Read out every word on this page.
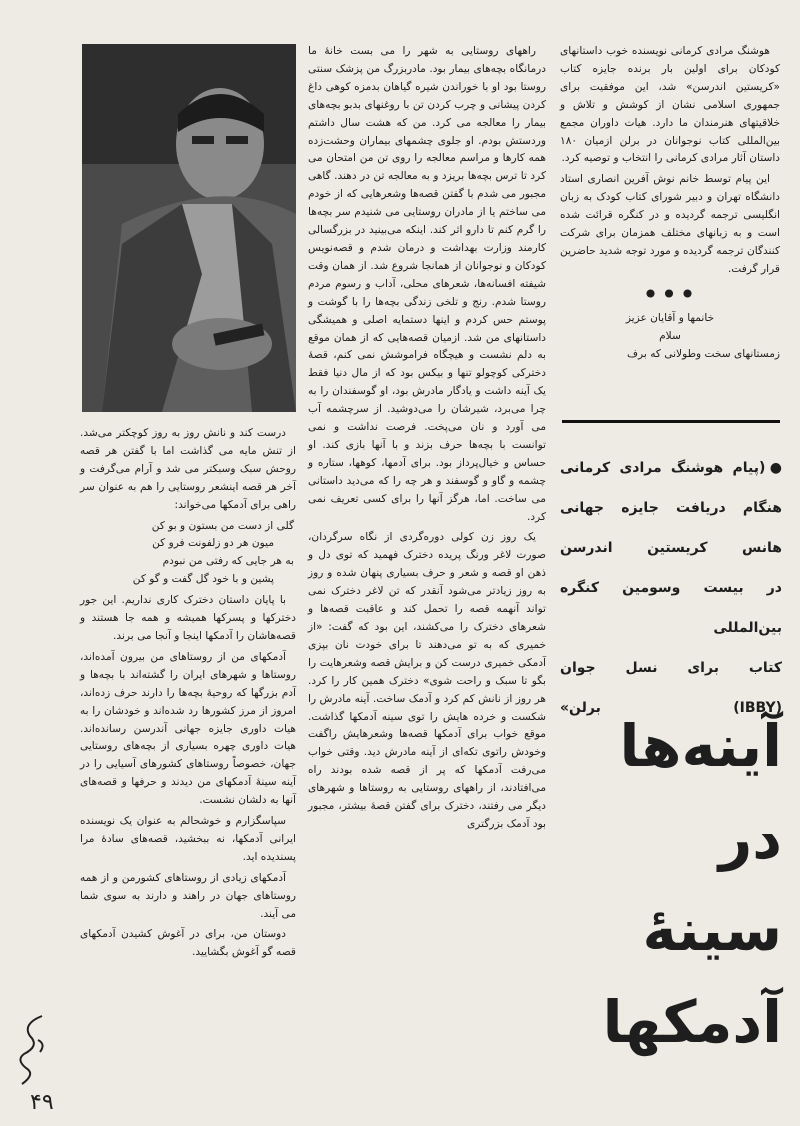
هوشنگ مرادی کرمانی نویسنده خوب داستانهای کودکان برای اولین بار برنده جایزه کتاب «کریستین اندرسن» شد، این موفقیت برای جمهوری اسلامی نشان از کوشش و تلاش و خلاقیتهای هنرمندان ما دارد. هیات داوران مجمع بین‌المللی کتاب نوجوانان در برلن ازمیان ۱۸۰ داستان آثار مرادی کرمانی را انتخاب و توصیه کرد.

این پیام توسط خانم نوش آفرین انصاری استاد دانشگاه تهران و دبیر شورای کتاب کودک به زبان انگلیسی ترجمه گردیده و در کنگره قرائت شده است و به زبانهای مختلف همزمان برای شرکت کنندگان ترجمه گردیده و مورد توجه شدید حاضرین قرار گرفت.

•••
خانمها و آقایان عزیز
سلام
زمستانهای سخت وطولانی که برف
●(پیام هوشنگ مرادی کرمانی
هنگام دریافت جایزه جهانی
هانس کریستین اندرسن
در بیست وسومین کنگره بین‌المللی
کتاب برای نسل جوان
(IBBY) برلن»
آینه‌ها
در
سینهٔ
آدمکها

راههای روستایی به شهر را می بست خانهٔ ما درمانگاه بچه‌های بیمار بود. مادربزرگ من پزشک سنتی روستا بود او با خوراندن شیره گیاهان بدمزه کوهی داغ کردن پیشانی و چرب کردن تن با روغنهای بدبو بچه‌های بیمار را معالجه می کرد. من که هشت سال داشتم وردستش بودم. او جلوی چشمهای بیماران وحشت‌زده همه کارها و مراسم معالجه را روی تن من امتحان می کرد تا ترس بچه‌ها بریزد و به معالجه تن در دهند. گاهی مجبور می شدم با گفتن قصه‌ها وشعرهایی که از خودم می ساختم یا از مادران روستایی می شنیدم سر بچه‌ها را گرم کنم تا دارو اثر کند. اینکه می‌بینید در بزرگسالی کارمند وزارت بهداشت و درمان شدم و قصه‌نویس کودکان و نوجوانان از همانجا شروع شد. از همان وقت شیفته افسانه‌ها، شعرهای محلی، آداب و رسوم مردم روستا شدم. رنج و تلخی زندگی بچه‌ها را با گوشت و پوستم حس کردم و اینها دستمایه اصلی و همیشگی داستانهای من شد. ازمیان قصه‌هایی که از همان موقع به دلم نشست و هیچگاه فراموشش نمی کنم، قصهٔ دخترکی کوچولو تنها و بیکس بود که از مال دنیا فقط یک آینه داشت و یادگار مادرش بود، او گوسفندان را به چرا می‌برد، شیرشان را می‌دوشید. از سرچشمه آب می آورد و نان می‌پخت. فرصت نداشت و نمی توانست با بچه‌ها حرف بزند و با آنها بازی کند. او حساس و خیال‌پرداز بود. برای آدمها، کوهها، ستاره و چشمه و گاو و گوسفند و هر چه را که می‌دید داستانی می ساخت. اما، هرگز آنها را برای کسی تعریف نمی کرد.

یک روز زن کولی دوره‌گردی از نگاه سرگردان، صورت لاغر ورنگ پریده دخترک فهمید که توی دل و ذهن او قصه و شعر و حرف بسیاری پنهان شده و روز به روز زیادتر می‌شود آنقدر که تن لاغر دخترک نمی تواند آنهمه قصه را تحمل کند و عاقبت قصه‌ها و شعرهای دخترک را می‌کشند، این بود که گفت: «از خمیری که به تو می‌دهند تا برای خودت نان بپزی آدمکی خمیری درست کن و برایش قصه وشعرهایت را بگو تا سبک و راحت شوی» دخترک همین کار را کرد. هر روز از نانش کم کرد و آدمک ساخت. آینه مادرش را شکست و خرده هایش را توی سینه آدمکها گذاشت. موقع خواب برای آدمکها قصه‌ها وشعرهایش راگفت وخودش راتوی تکه‌ای از آینه مادرش دید. وقتی خواب می‌رفت آدمکها که پر از قصه شده بودند راه می‌افتادند، از راههای روستایی به روستاها و شهرهای دیگر می رفتند، دخترک برای گفتن قصهٔ بیشتر، مجبور بود آدمک بزرگتری

درست کند و نانش روز به روز کوچکتر می‌شد. از تنش مایه می گذاشت اما با گفتن هر قصه روحش سبک وسبکتر می شد و آرام می‌گرفت و آخر هر قصه اینشعر روستایی را هم به عنوان سر راهی برای آدمکها می‌خواند:

گلی از دست من بستون و بو کن
میون هر دو زلفونت فرو کن
به هر جایی که رفتی من نبودم
پشین و با خود گل گفت و گو کن

با پایان داستان دخترک کاری نداریم. این جور دخترکها و پسرکها همیشه و همه جا هستند و قصه‌هاشان را آدمکها اینجا و آنجا می برند.

آدمکهای من از روستاهای من بیرون آمده‌اند، روستاها و شهرهای ایران را گشته‌اند با بچه‌ها و آدم بزرگها که روحیهٔ بچه‌ها را دارند حرف زده‌اند، امروز از مرز کشورها رد شده‌اند و خودشان را به هیات داوری جایزه جهانی آندرسن رسانده‌اند. هیات داوری چهره بسیاری از بچه‌های روستایی جهان، خصوصاً روستاهای کشورهای آسیایی را در آینه سینهٔ آدمکهای من دیدند و حرفها و قصه‌های آنها به دلشان نشست.

سپاسگزارم و خوشحالم به عنوان یک نویسنده ایرانی آدمکها، نه ببخشید، قصه‌های سادهٔ مرا پسندیده اید.

آدمکهای زیادی از روستاهای کشورمن و از همه روستاهای جهان در راهند و دارند به سوی شما می آیند.

دوستان من، برای در آغوش کشیدن آدمکهای قصه گو آغوش بگشایید.

۴۹
